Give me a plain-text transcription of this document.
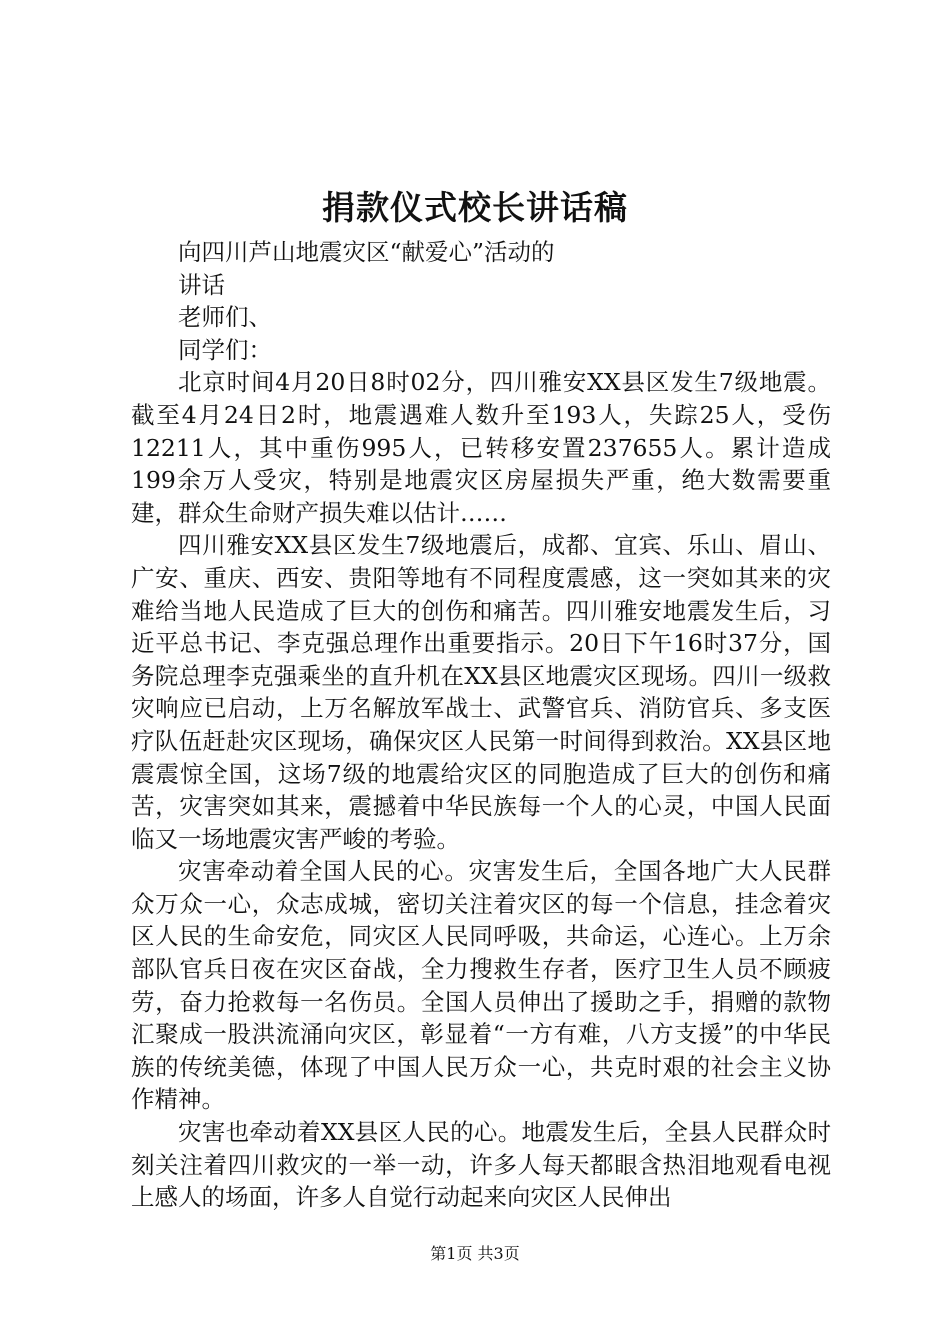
捐款仪式校长讲话稿

向四川芦山地震灾区“献爱心”活动的

讲话

老师们、

同学们：

北京时间4月20日8时02分，四川雅安XX县区发生7级地震。截至4月24日2时，地震遇难人数升至193人，失踪25人，受伤12211人，其中重伤995人，已转移安置237655人。累计造成199余万人受灾，特别是地震灾区房屋损失严重，绝大数需要重建，群众生命财产损失难以估计……

四川雅安XX县区发生7级地震后，成都、宜宾、乐山、眉山、广安、重庆、西安、贵阳等地有不同程度震感，这一突如其来的灾难给当地人民造成了巨大的创伤和痛苦。四川雅安地震发生后，习近平总书记、李克强总理作出重要指示。20日下午16时37分，国务院总理李克强乘坐的直升机在XX县区地震灾区现场。四川一级救灾响应已启动，上万名解放军战士、武警官兵、消防官兵、多支医疗队伍赶赴灾区现场，确保灾区人民第一时间得到救治。XX县区地震震惊全国，这场7级的地震给灾区的同胞造成了巨大的创伤和痛苦，灾害突如其来，震撼着中华民族每一个人的心灵，中国人民面临又一场地震灾害严峻的考验。

灾害牵动着全国人民的心。灾害发生后，全国各地广大人民群众万众一心，众志成城，密切关注着灾区的每一个信息，挂念着灾区人民的生命安危，同灾区人民同呼吸，共命运，心连心。上万余部队官兵日夜在灾区奋战，全力搜救生存者，医疗卫生人员不顾疲劳，奋力抢救每一名伤员。全国人员伸出了援助之手，捐赠的款物汇聚成一股洪流涌向灾区，彰显着“一方有难，八方支援”的中华民族的传统美德，体现了中国人民万众一心，共克时艰的社会主义协作精神。

灾害也牵动着XX县区人民的心。地震发生后，全县人民群众时刻关注着四川救灾的一举一动，许多人每天都眼含热泪地观看电视上感人的场面，许多人自觉行动起来向灾区人民伸出

第1页 共3页
